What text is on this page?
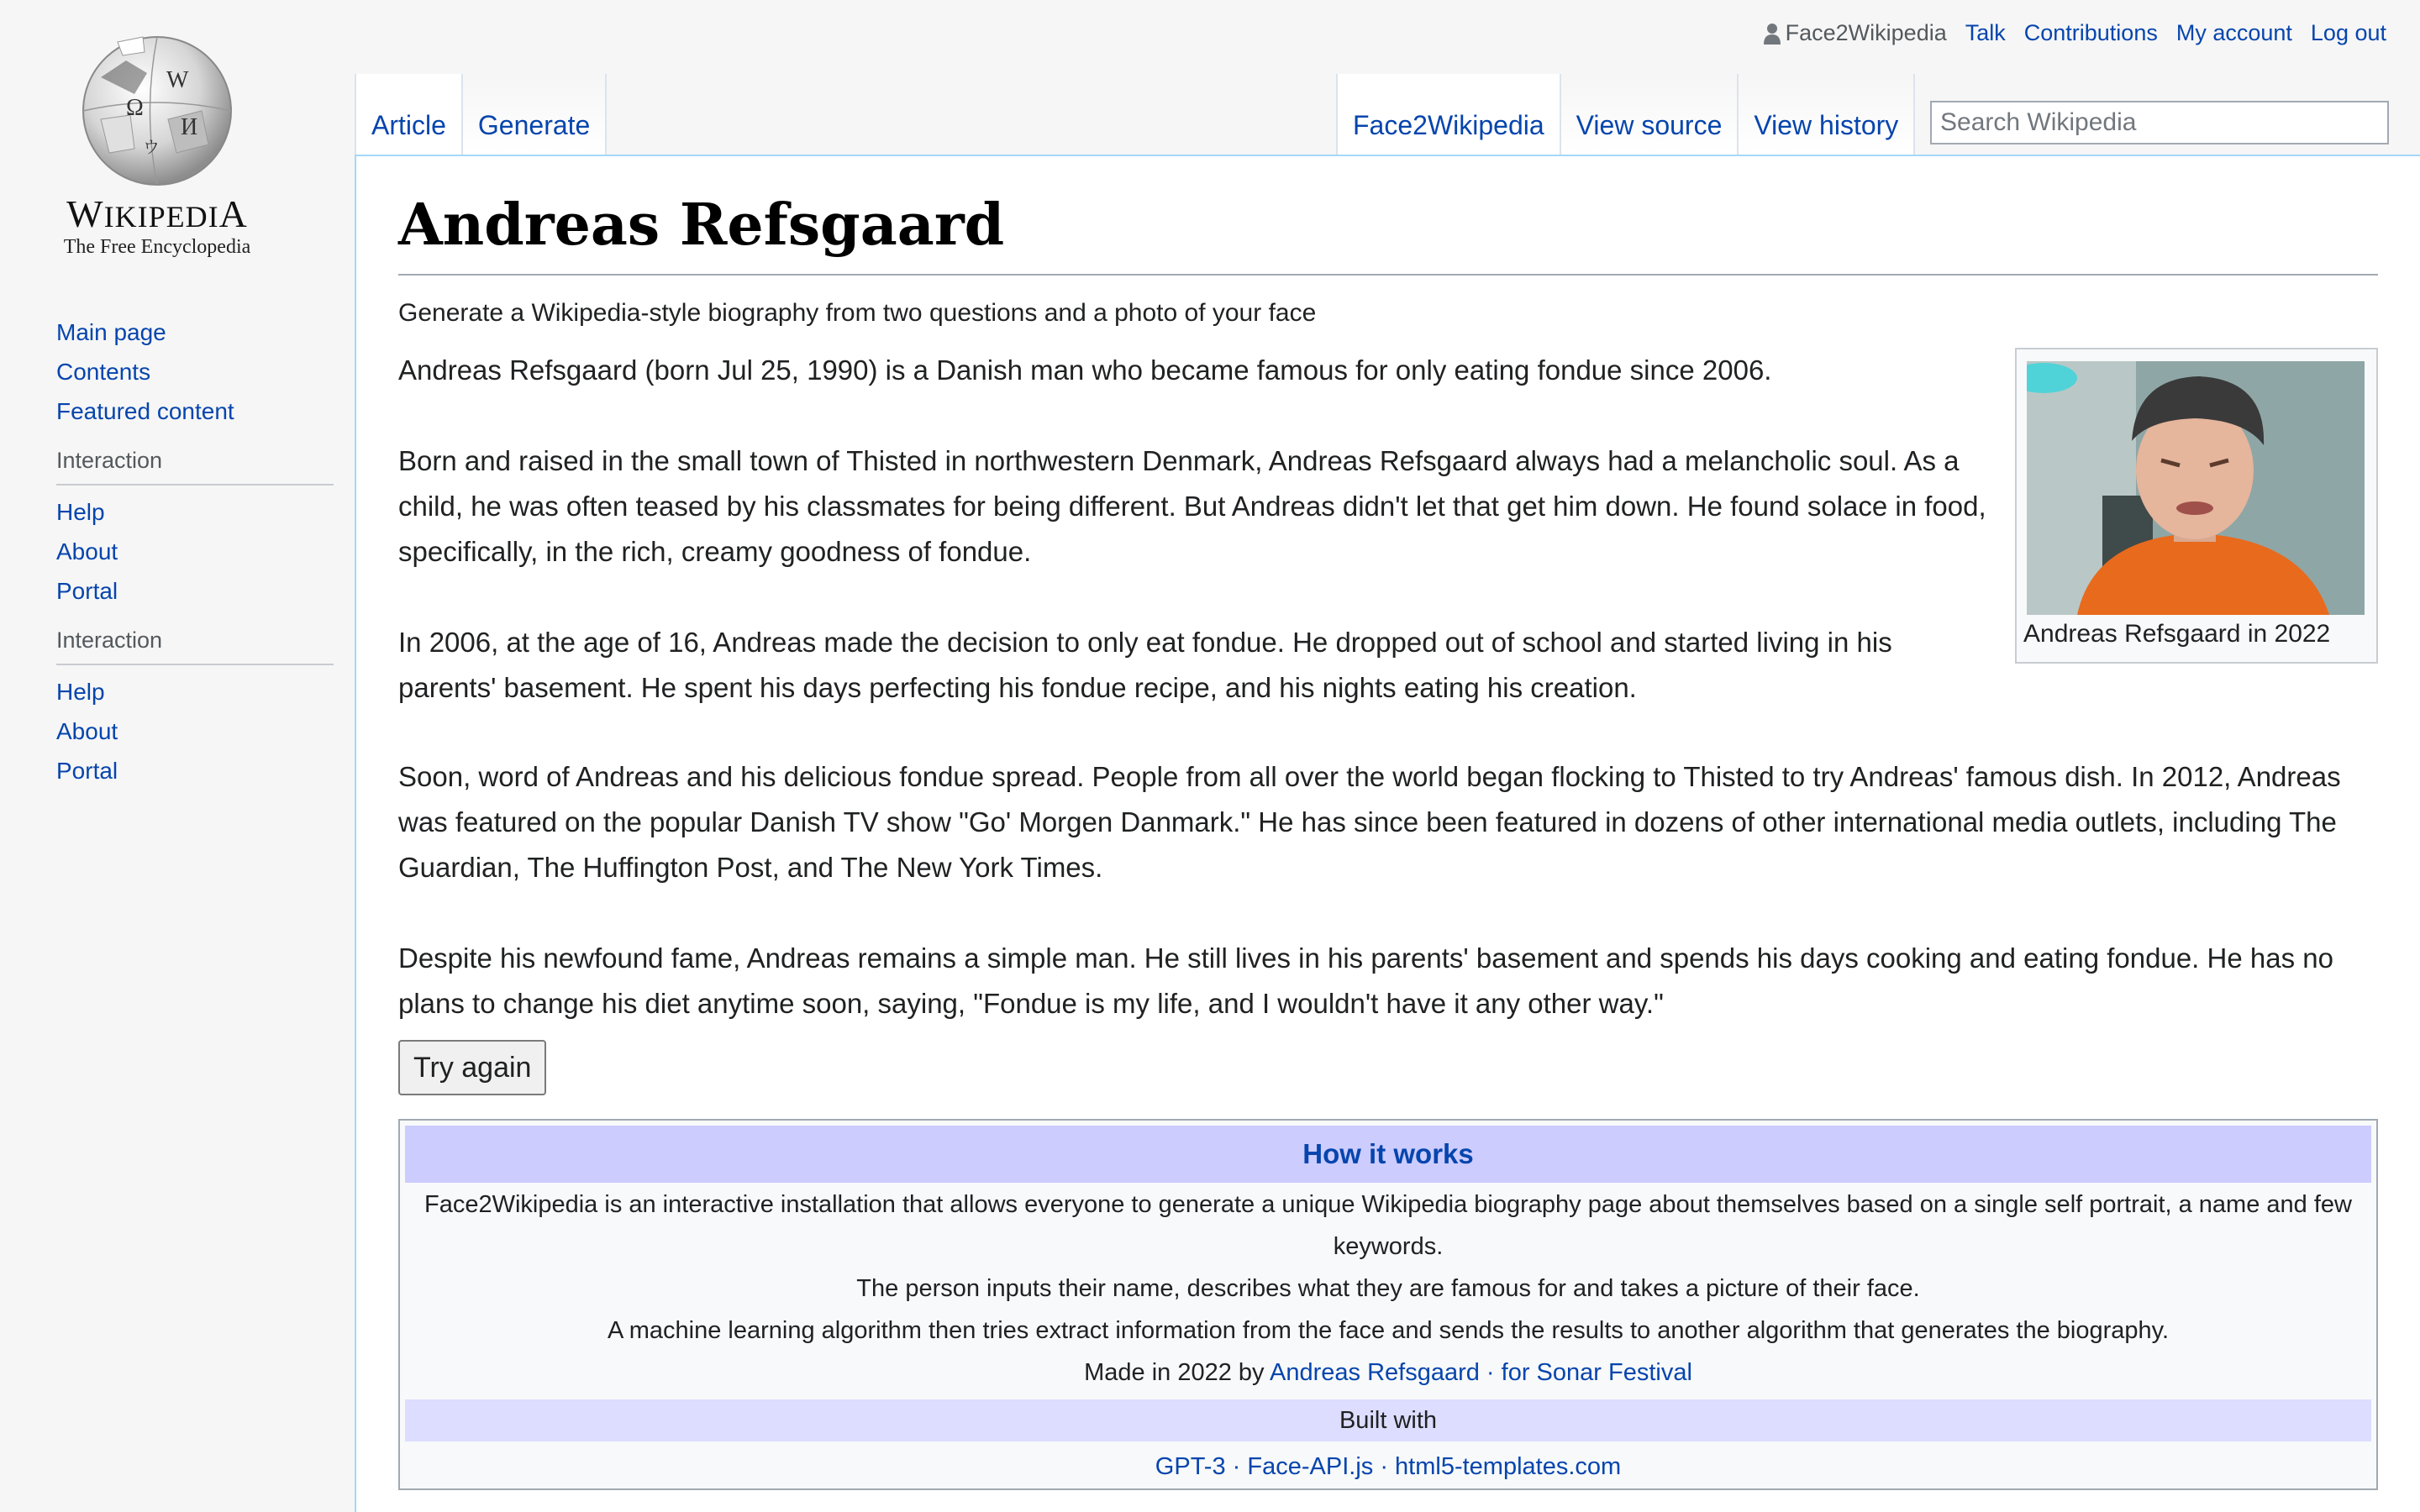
W
Ω
И
ウ
WIKIPEDIA
The Free Encyclopedia
Main page
Contents
Featured content
Interaction
Help
About
Portal
Interaction
Help
About
Portal
Face2Wikipedia Talk Contributions My account Log out
Article	Generate	Face2Wikipedia	View source	View history
Search Wikipedia
Andreas Refsgaard
Generate a Wikipedia-style biography from two questions and a photo of your face

Andreas Refsgaard (born Jul 25, 1990) is a Danish man who became famous for only eating fondue since 2006.

Born and raised in the small town of Thisted in northwestern Denmark, Andreas Refsgaard always had a melancholic soul. As a child, he was often teased by his classmates for being different. But Andreas didn't let that get him down. He found solace in food, specifically, in the rich, creamy goodness of fondue.

In 2006, at the age of 16, Andreas made the decision to only eat fondue. He dropped out of school and started living in his parents' basement. He spent his days perfecting his fondue recipe, and his nights eating his creation.

Soon, word of Andreas and his delicious fondue spread. People from all over the world began flocking to Thisted to try Andreas' famous dish. In 2012, Andreas was featured on the popular Danish TV show "Go' Morgen Danmark." He has since been featured in dozens of other international media outlets, including The Guardian, The Huffington Post, and The New York Times.

Despite his newfound fame, Andreas remains a simple man. He still lives in his parents' basement and spends his days cooking and eating fondue. He has no plans to change his diet anytime soon, saying, "Fondue is my life, and I wouldn't have it any other way."

Andreas Refsgaard in 2022
Try again
How it works
Face2Wikipedia is an interactive installation that allows everyone to generate a unique Wikipedia biography page about themselves based on a single self portrait, a name and few
keywords.
The person inputs their name, describes what they are famous for and takes a picture of their face.
A machine learning algorithm then tries extract information from the face and sends the results to another algorithm that generates the biography.
Made in 2022 by Andreas Refsgaard · for Sonar Festival
Built with
GPT-3 · Face-API.js · html5-templates.com
